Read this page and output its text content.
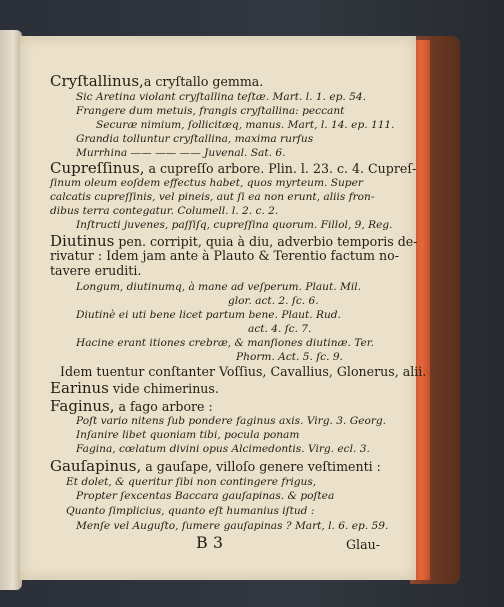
Cryſtallinus,a cryſtallo gemma.
Sic Aretina violant cryſtallina teſtæ. Mart. l. 1. ep. 54.
Frangere dum metuis, frangis cryſtallina: peccant
Securæ nimium, ſollicitæq, manus. Mart, l. 14. ep. 111.
Grandia tolluntur cryſtallina, maxima rurſus
Murrhina —— —— —— Juvenal. Sat. 6.
Cupreſſinus, a cupreſſo arbore. Plin. l. 23. c. 4. Cupreſ-
ſinum oleum eoſdem effectus habet, quos myrteum. Super
calcatis cupreſſinis, vel pineis, aut ſi ea non erunt, aliis fron-
dibus terra contegatur. Columell. l. 2. c. 2.
Inſtructi juvenes, paſſiſq, cupreſſina quorum. Fillol, 9, Reg.
Diutinus pen. corripit, quia à diu, adverbio temporis de-
rivatur : Idem jam ante à Plauto & Terentio factum no-
tavere eruditi.
Longum, diutinumq, à mane ad veſperum. Plaut. Mil.
glor. act. 2. ſc. 6.
Diutinè ei uti bene licet partum bene. Plaut. Rud.
act. 4. ſc. 7.
Hacine erant itiones crebræ, & manſiones diutinæ. Ter.
Phorm. Act. 5. ſc. 9.
Idem tuentur conſtanter Voſſius, Cavallius, Glonerus, alii.
Earinus vide chimerinus.
Faginus, a fago arbore :
Poſt vario nitens ſub pondere faginus axis. Virg. 3. Georg.
Inſanire libet quoniam tibi, pocula ponam
Fagina, cœlatum divini opus Alcimedontis. Virg. ecl. 3.
Gauſapinus, a gauſape, villoſo genere veſtimenti :
Et dolet, & queritur ſibi non contingere frigus,
Propter ſexcentas Baccara gauſapinas. & poſtea
Quanto ſimplicius, quanto eſt humanius iſtud :
Menſe vel Auguſto, ſumere gauſapinas ? Mart, l. 6. ep. 59.
B 3	Glau-
